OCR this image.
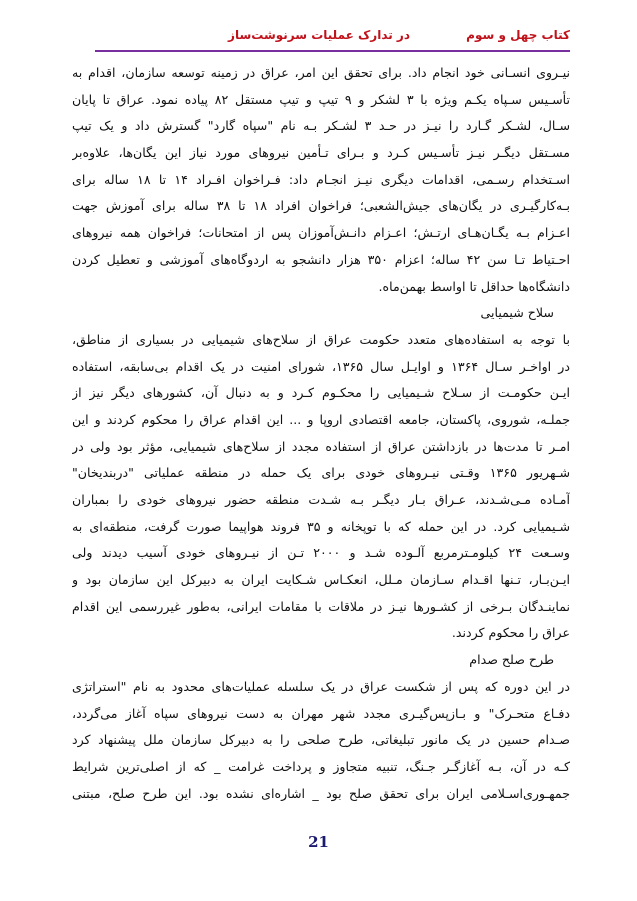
کتاب چهل و سوم
در تدارک عملیات سرنوشت‌ساز
نیـروی انسـانی خود انجام داد. برای تحقق این امر، عراق در زمینه توسعه سازمان، اقدام به
تأسـیس سـپاه یکـم ویژه با ۳ لشکر و ۹ تیپ و تیپ مستقل ۸۲ پیاده نمود. عراق تا پایان
سـال، لشـکر گـارد را نیـز در حـد ۳ لشـکر بـه نام "سپاه گارد" گسترش داد و یک تیپ
مسـتقل دیگـر نیـز تأسـیس کـرد و بـرای تـأمین نیروهای مورد نیاز این یگان‌ها، علاوه‌بر
اسـتخدام رسـمی، اقدامات دیگری نیـز انجـام داد: فـراخوان افـراد ۱۴ تا ۱۸ ساله برای
بـه‌کارگیـری در یگان‌های جیش‌الشعبی؛ فراخوان افراد ۱۸ تا ۳۸ ساله برای آموزش جهت
اعـزام بـه یگـان‌هـای ارتـش؛ اعـزام دانـش‌آموزان پس از امتحانات؛ فراخوان همه نیروهای
احـتیاط تـا سن ۴۲ ساله؛ اعزام ۳۵۰ هزار دانشجو به اردوگاه‌های آموزشی و تعطیل کردن
دانشگاه‌ها حداقل تا اواسط بهمن‌ماه.
سلاح شیمیایی
با توجه به استفاده‌های متعدد حکومت عراق از سلاح‌های شیمیایی در بسیاری از مناطق،
در اواخـر سـال ۱۳۶۴ و اوایـل سال ۱۳۶۵، شورای امنیت در یک اقدام بی‌سابقه، استفاده
ایـن حکومـت از سـلاح شـیمیایی را محکـوم کـرد و به دنبال آن، کشورهای دیگر نیز از
جملـه، شوروی، پاکستان، جامعه اقتصادی اروپا و ... این اقدام عراق را محکوم کردند و این
امـر تا مدت‌ها در بازداشتن عراق از استفاده مجدد از سلاح‌های شیمیایی، مؤثر بود ولی در
شـهریور ۱۳۶۵ وقـتی نیـروهای خودی برای یک حمله در منطقه عملیاتی "دربندیخان"
آمـاده مـی‌شـدند، عـراق بـار دیگـر بـه شـدت منطقه حضور نیروهای خودی را بمباران
شـیمیایی کرد. در این حمله که با توپخانه و ۳۵ فروند هواپیما صورت گرفت، منطقه‌ای به
وسـعت ۲۴ کیلومـترمربع آلـوده شـد و ۲۰۰۰ تـن از نیـروهای خودی آسیب دیدند ولی
ایـن‌بـار، تـنها اقـدام سـازمان مـلل، انعکـاس شـکایت ایران به دبیرکل این سازمان بود و
نماینـدگان بـرخی از کشـورها نیـز در ملاقات با مقامات ایرانی، به‌طور غیررسمی این اقدام
عراق را محکوم کردند.
طرح صلح صدام
در این دوره که پس از شکست عراق در یک سلسله عملیات‌های محدود به نام "استراتژی
دفـاع متحـرک" و بـازپس‌گیـری مجدد شهر مهران به دست نیروهای سپاه آغاز می‌گردد،
صـدام حسین در یک مانور تبلیغاتی، طرح صلحی را به دبیرکل سازمان ملل پیشنهاد کرد
کـه در آن، بـه آغازگـر جـنگ، تنبیه متجاوز و پرداخت غرامت _ که از اصلی‌ترین شرایط
جمهـوری‌اسـلامی ایران برای تحقق صلح بود _ اشاره‌ای نشده بود. این طرح صلح، مبتنی
21
